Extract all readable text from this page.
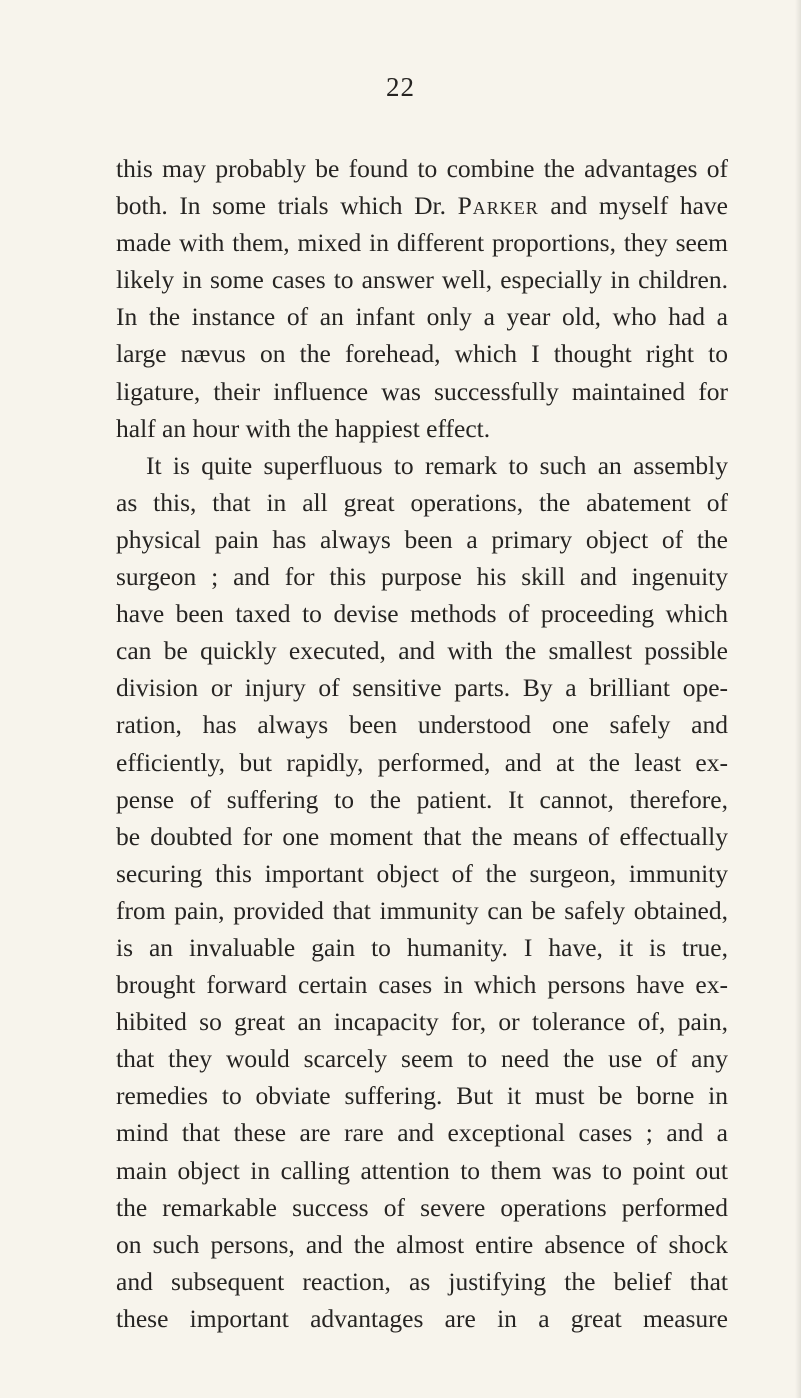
22
this may probably be found to combine the advantages of
both. In some trials which Dr. Parker and myself have
made with them, mixed in different proportions, they seem
likely in some cases to answer well, especially in children.
In the instance of an infant only a year old, who had a
large nævus on the forehead, which I thought right to
ligature, their influence was successfully maintained for
half an hour with the happiest effect.
It is quite superfluous to remark to such an assembly
as this, that in all great operations, the abatement of
physical pain has always been a primary object of the
surgeon ; and for this purpose his skill and ingenuity
have been taxed to devise methods of proceeding which
can be quickly executed, and with the smallest possible
division or injury of sensitive parts. By a brilliant ope-
ration, has always been understood one safely and
efficiently, but rapidly, performed, and at the least ex-
pense of suffering to the patient. It cannot, therefore,
be doubted for one moment that the means of effectually
securing this important object of the surgeon, immunity
from pain, provided that immunity can be safely obtained,
is an invaluable gain to humanity. I have, it is true,
brought forward certain cases in which persons have ex-
hibited so great an incapacity for, or tolerance of, pain,
that they would scarcely seem to need the use of any
remedies to obviate suffering. But it must be borne in
mind that these are rare and exceptional cases ; and a
main object in calling attention to them was to point out
the remarkable success of severe operations performed
on such persons, and the almost entire absence of shock
and subsequent reaction, as justifying the belief that
these important advantages are in a great measure
